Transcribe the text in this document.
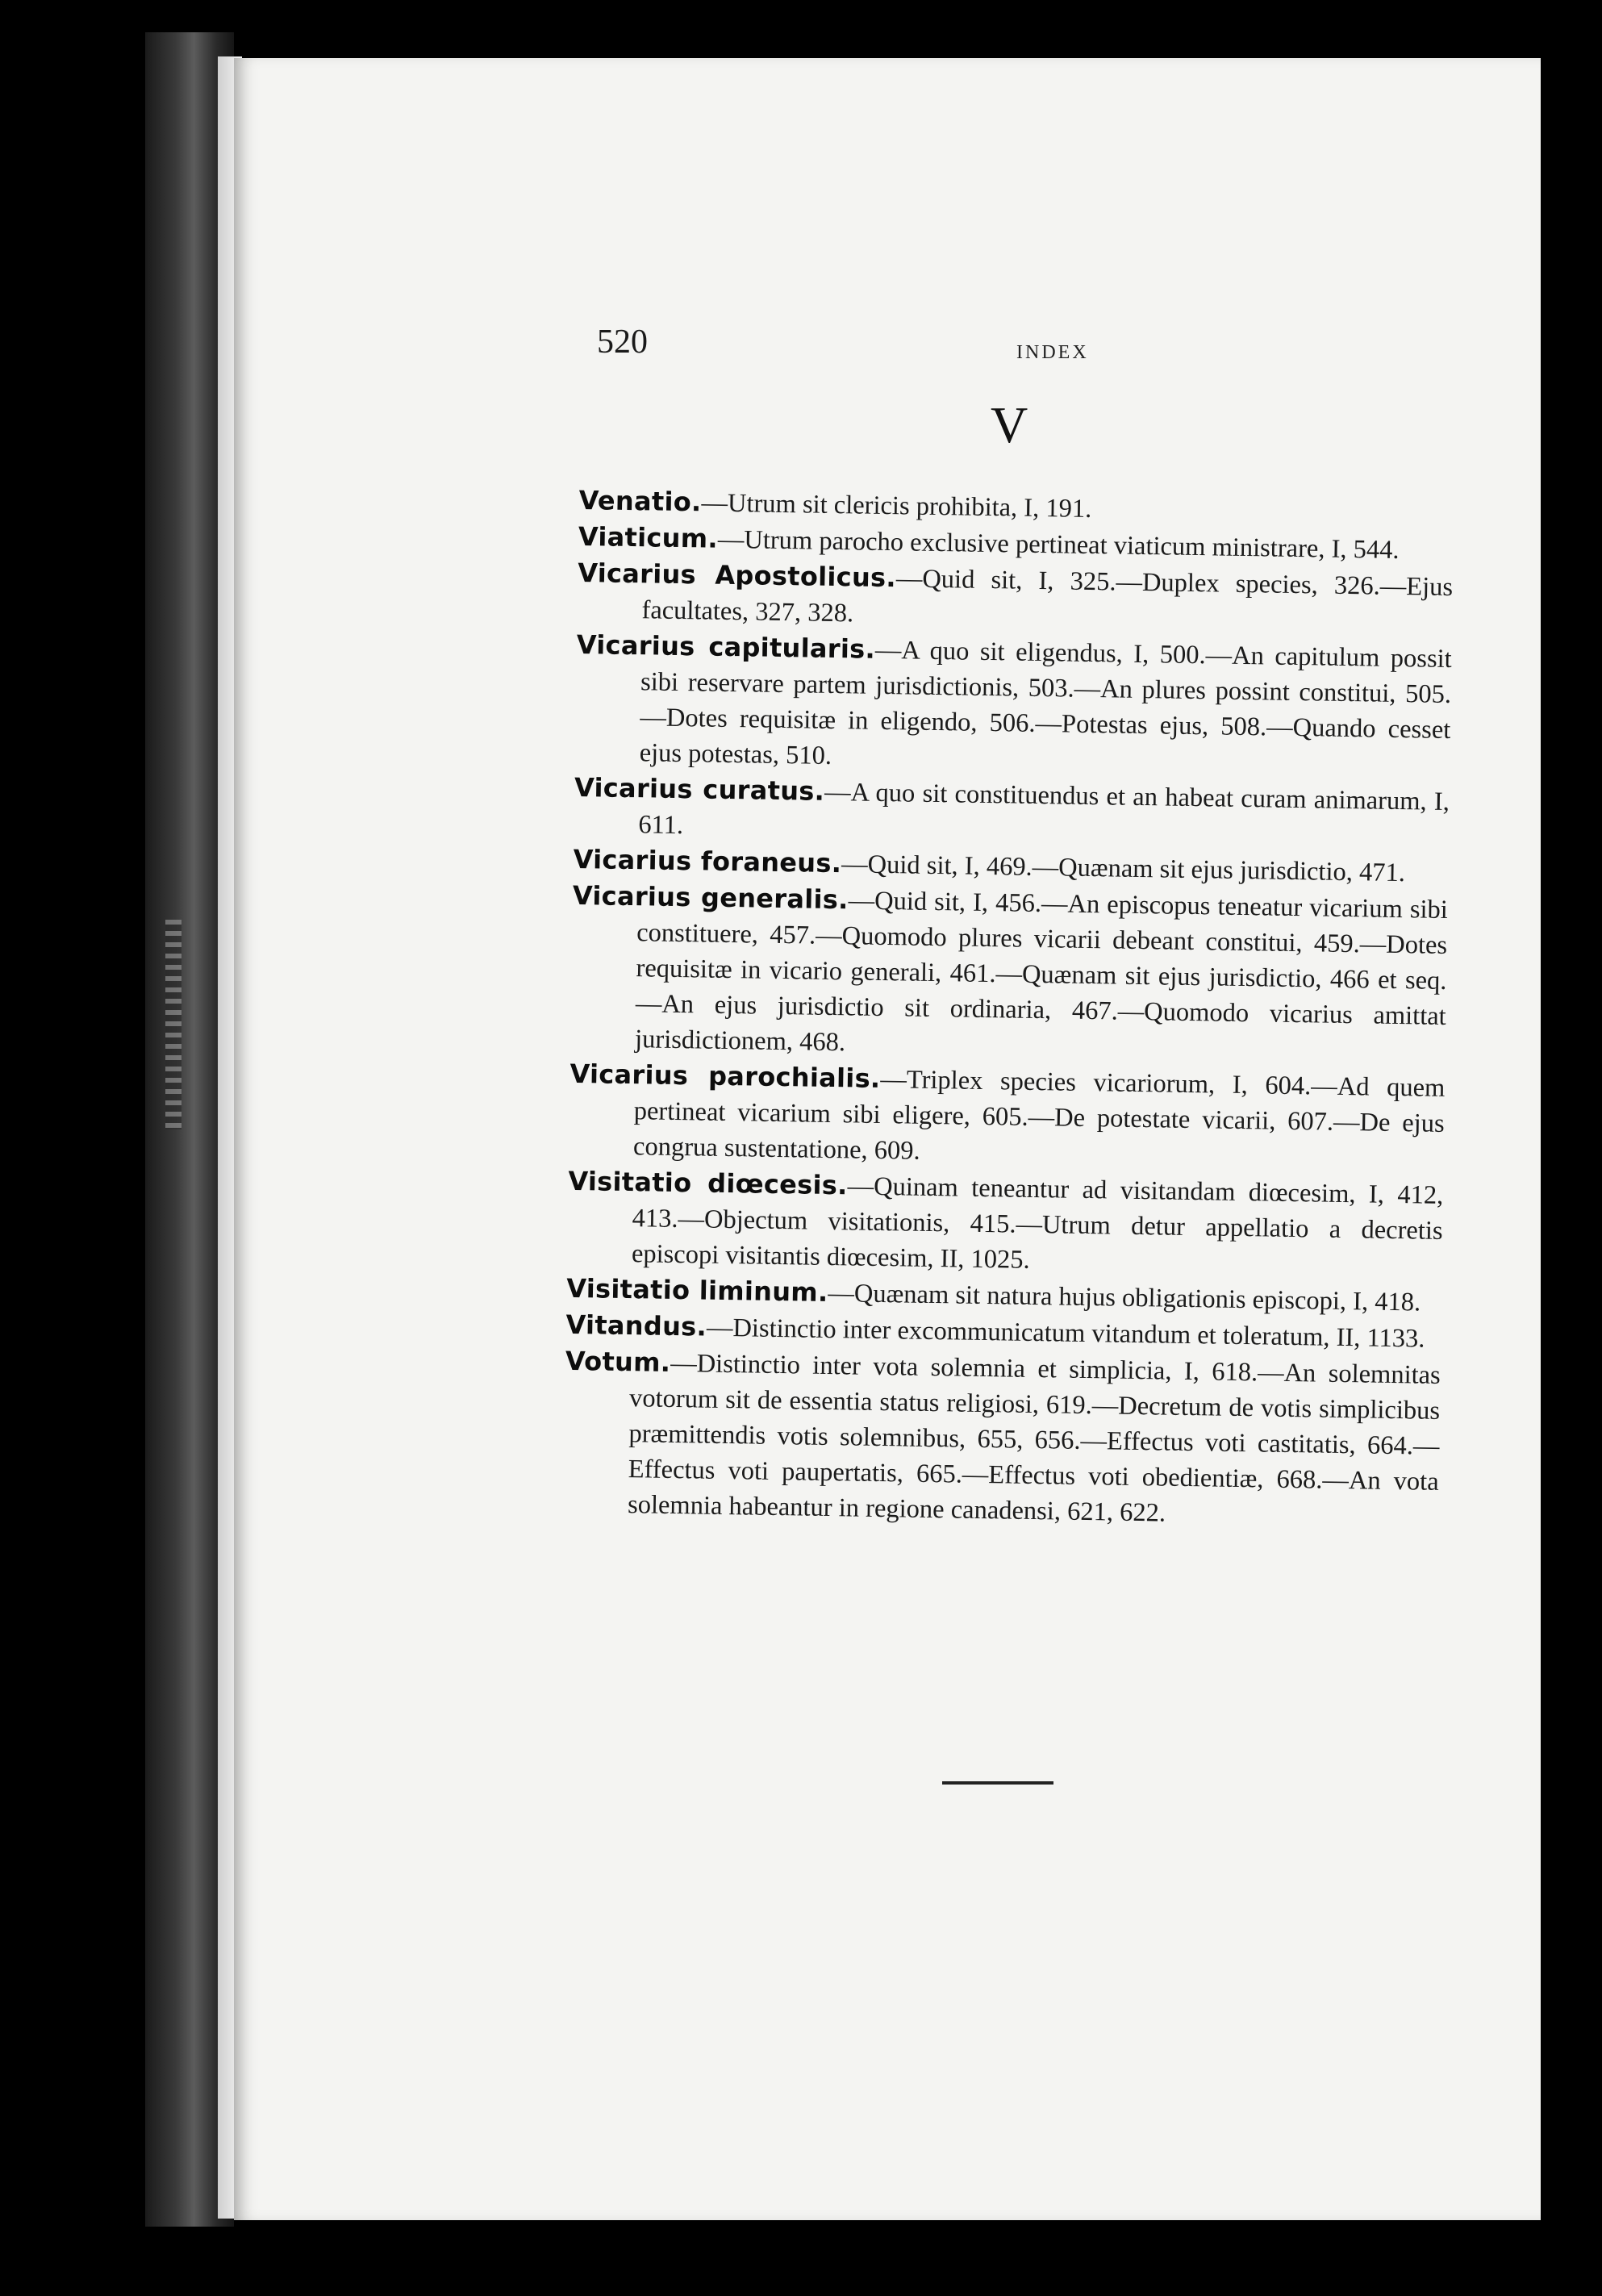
520	INDEX
V

Venatio.—Utrum sit clericis prohibita, I, 191.

Viaticum.—Utrum parocho exclusive pertineat viaticum ministrare, I, 544.

Vicarius Apostolicus.—Quid sit, I, 325.—Duplex species, 326.—Ejus facultates, 327, 328.

Vicarius capitularis.—A quo sit eligendus, I, 500.—An capitulum possit sibi reservare partem jurisdictionis, 503.—An plures possint constitui, 505.—Dotes requisitæ in eligendo, 506.—Potestas ejus, 508.—Quando cesset ejus potestas, 510.

Vicarius curatus.—A quo sit constituendus et an habeat curam animarum, I, 611.

Vicarius foraneus.—Quid sit, I, 469.—Quænam sit ejus jurisdictio, 471.

Vicarius generalis.—Quid sit, I, 456.—An episcopus teneatur vicarium sibi constituere, 457.—Quomodo plures vicarii debeant constitui, 459.—Dotes requisitæ in vicario generali, 461.—Quænam sit ejus jurisdictio, 466 et seq.—An ejus jurisdictio sit ordinaria, 467.—Quomodo vicarius amittat jurisdictionem, 468.

Vicarius parochialis.—Triplex species vicariorum, I, 604.—Ad quem pertineat vicarium sibi eligere, 605.—De potestate vicarii, 607.—De ejus congrua sustentatione, 609.

Visitatio diœcesis.—Quinam teneantur ad visitandam diœcesim, I, 412, 413.—Objectum visitationis, 415.—Utrum detur appellatio a decretis episcopi visitantis diœcesim, II, 1025.

Visitatio liminum.—Quænam sit natura hujus obligationis episcopi, I, 418.

Vitandus.—Distinctio inter excommunicatum vitandum et toleratum, II, 1133.

Votum.—Distinctio inter vota solemnia et simplicia, I, 618.—An solemnitas votorum sit de essentia status religiosi, 619.—Decretum de votis simplicibus præmittendis votis solemnibus, 655, 656.—Effectus voti castitatis, 664.—Effectus voti paupertatis, 665.—Effectus voti obedientiæ, 668.—An vota solemnia habeantur in regione canadensi, 621, 622.
